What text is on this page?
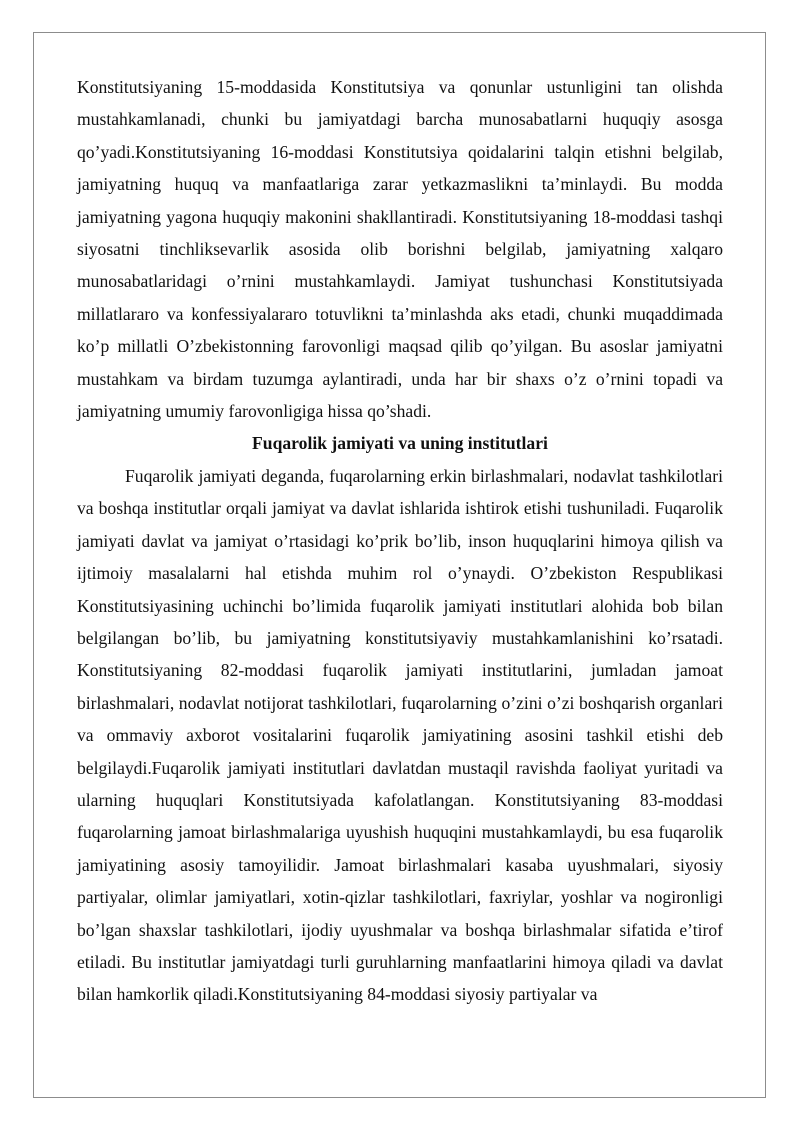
Konstitutsiyaning 15-moddasida Konstitutsiya va qonunlar ustunligini tan olishda mustahkamlanadi, chunki bu jamiyatdagi barcha munosabatlarni huquqiy asosga qo’yadi.Konstitutsiyaning 16-moddasi Konstitutsiya qoidalarini talqin etishni belgilab, jamiyatning huquq va manfaatlariga zarar yetkazmaslikni ta’minlaydi. Bu modda jamiyatning yagona huquqiy makonini shakllantiradi. Konstitutsiyaning 18-moddasi tashqi siyosatni tinchliksevarlik asosida olib borishni belgilab, jamiyatning xalqaro munosabatlaridagi o’rnini mustahkamlaydi. Jamiyat tushunchasi Konstitutsiyada millatlararo va konfessiyalararo totuvlikni ta’minlashda aks etadi, chunki muqaddimada ko’p millatli O’zbekistonning farovonligi maqsad qilib qo’yilgan. Bu asoslar jamiyatni mustahkam va birdam tuzumga aylantiradi, unda har bir shaxs o’z o’rnini topadi va jamiyatning umumiy farovonligiga hissa qo’shadi.

Fuqarolik jamiyati va uning institutlari

Fuqarolik jamiyati deganda, fuqarolarning erkin birlashmalari, nodavlat tashkilotlari va boshqa institutlar orqali jamiyat va davlat ishlarida ishtirok etishi tushuniladi. Fuqarolik jamiyati davlat va jamiyat o’rtasidagi ko’prik bo’lib, inson huquqlarini himoya qilish va ijtimoiy masalalarni hal etishda muhim rol o’ynaydi. O’zbekiston Respublikasi Konstitutsiyasining uchinchi bo’limida fuqarolik jamiyati institutlari alohida bob bilan belgilangan bo’lib, bu jamiyatning konstitutsiyaviy mustahkamlanishini ko’rsatadi. Konstitutsiyaning 82-moddasi fuqarolik jamiyati institutlarini, jumladan jamoat birlashmalari, nodavlat notijorat tashkilotlari, fuqarolarning o’zini o’zi boshqarish organlari va ommaviy axborot vositalarini fuqarolik jamiyatining asosini tashkil etishi deb belgilaydi.Fuqarolik jamiyati institutlari davlatdan mustaqil ravishda faoliyat yuritadi va ularning huquqlari Konstitutsiyada kafolatlangan. Konstitutsiyaning 83-moddasi fuqarolarning jamoat birlashmalariga uyushish huquqini mustahkamlaydi, bu esa fuqarolik jamiyatining asosiy tamoyilidir. Jamoat birlashmalari kasaba uyushmalari, siyosiy partiyalar, olimlar jamiyatlari, xotin-qizlar tashkilotlari, faxriylar, yoshlar va nogironligi bo’lgan shaxslar tashkilotlari, ijodiy uyushmalar va boshqa birlashmalar sifatida e’tirof etiladi. Bu institutlar jamiyatdagi turli guruhlarning manfaatlarini himoya qiladi va davlat bilan hamkorlik qiladi.Konstitutsiyaning 84-moddasi siyosiy partiyalar va
